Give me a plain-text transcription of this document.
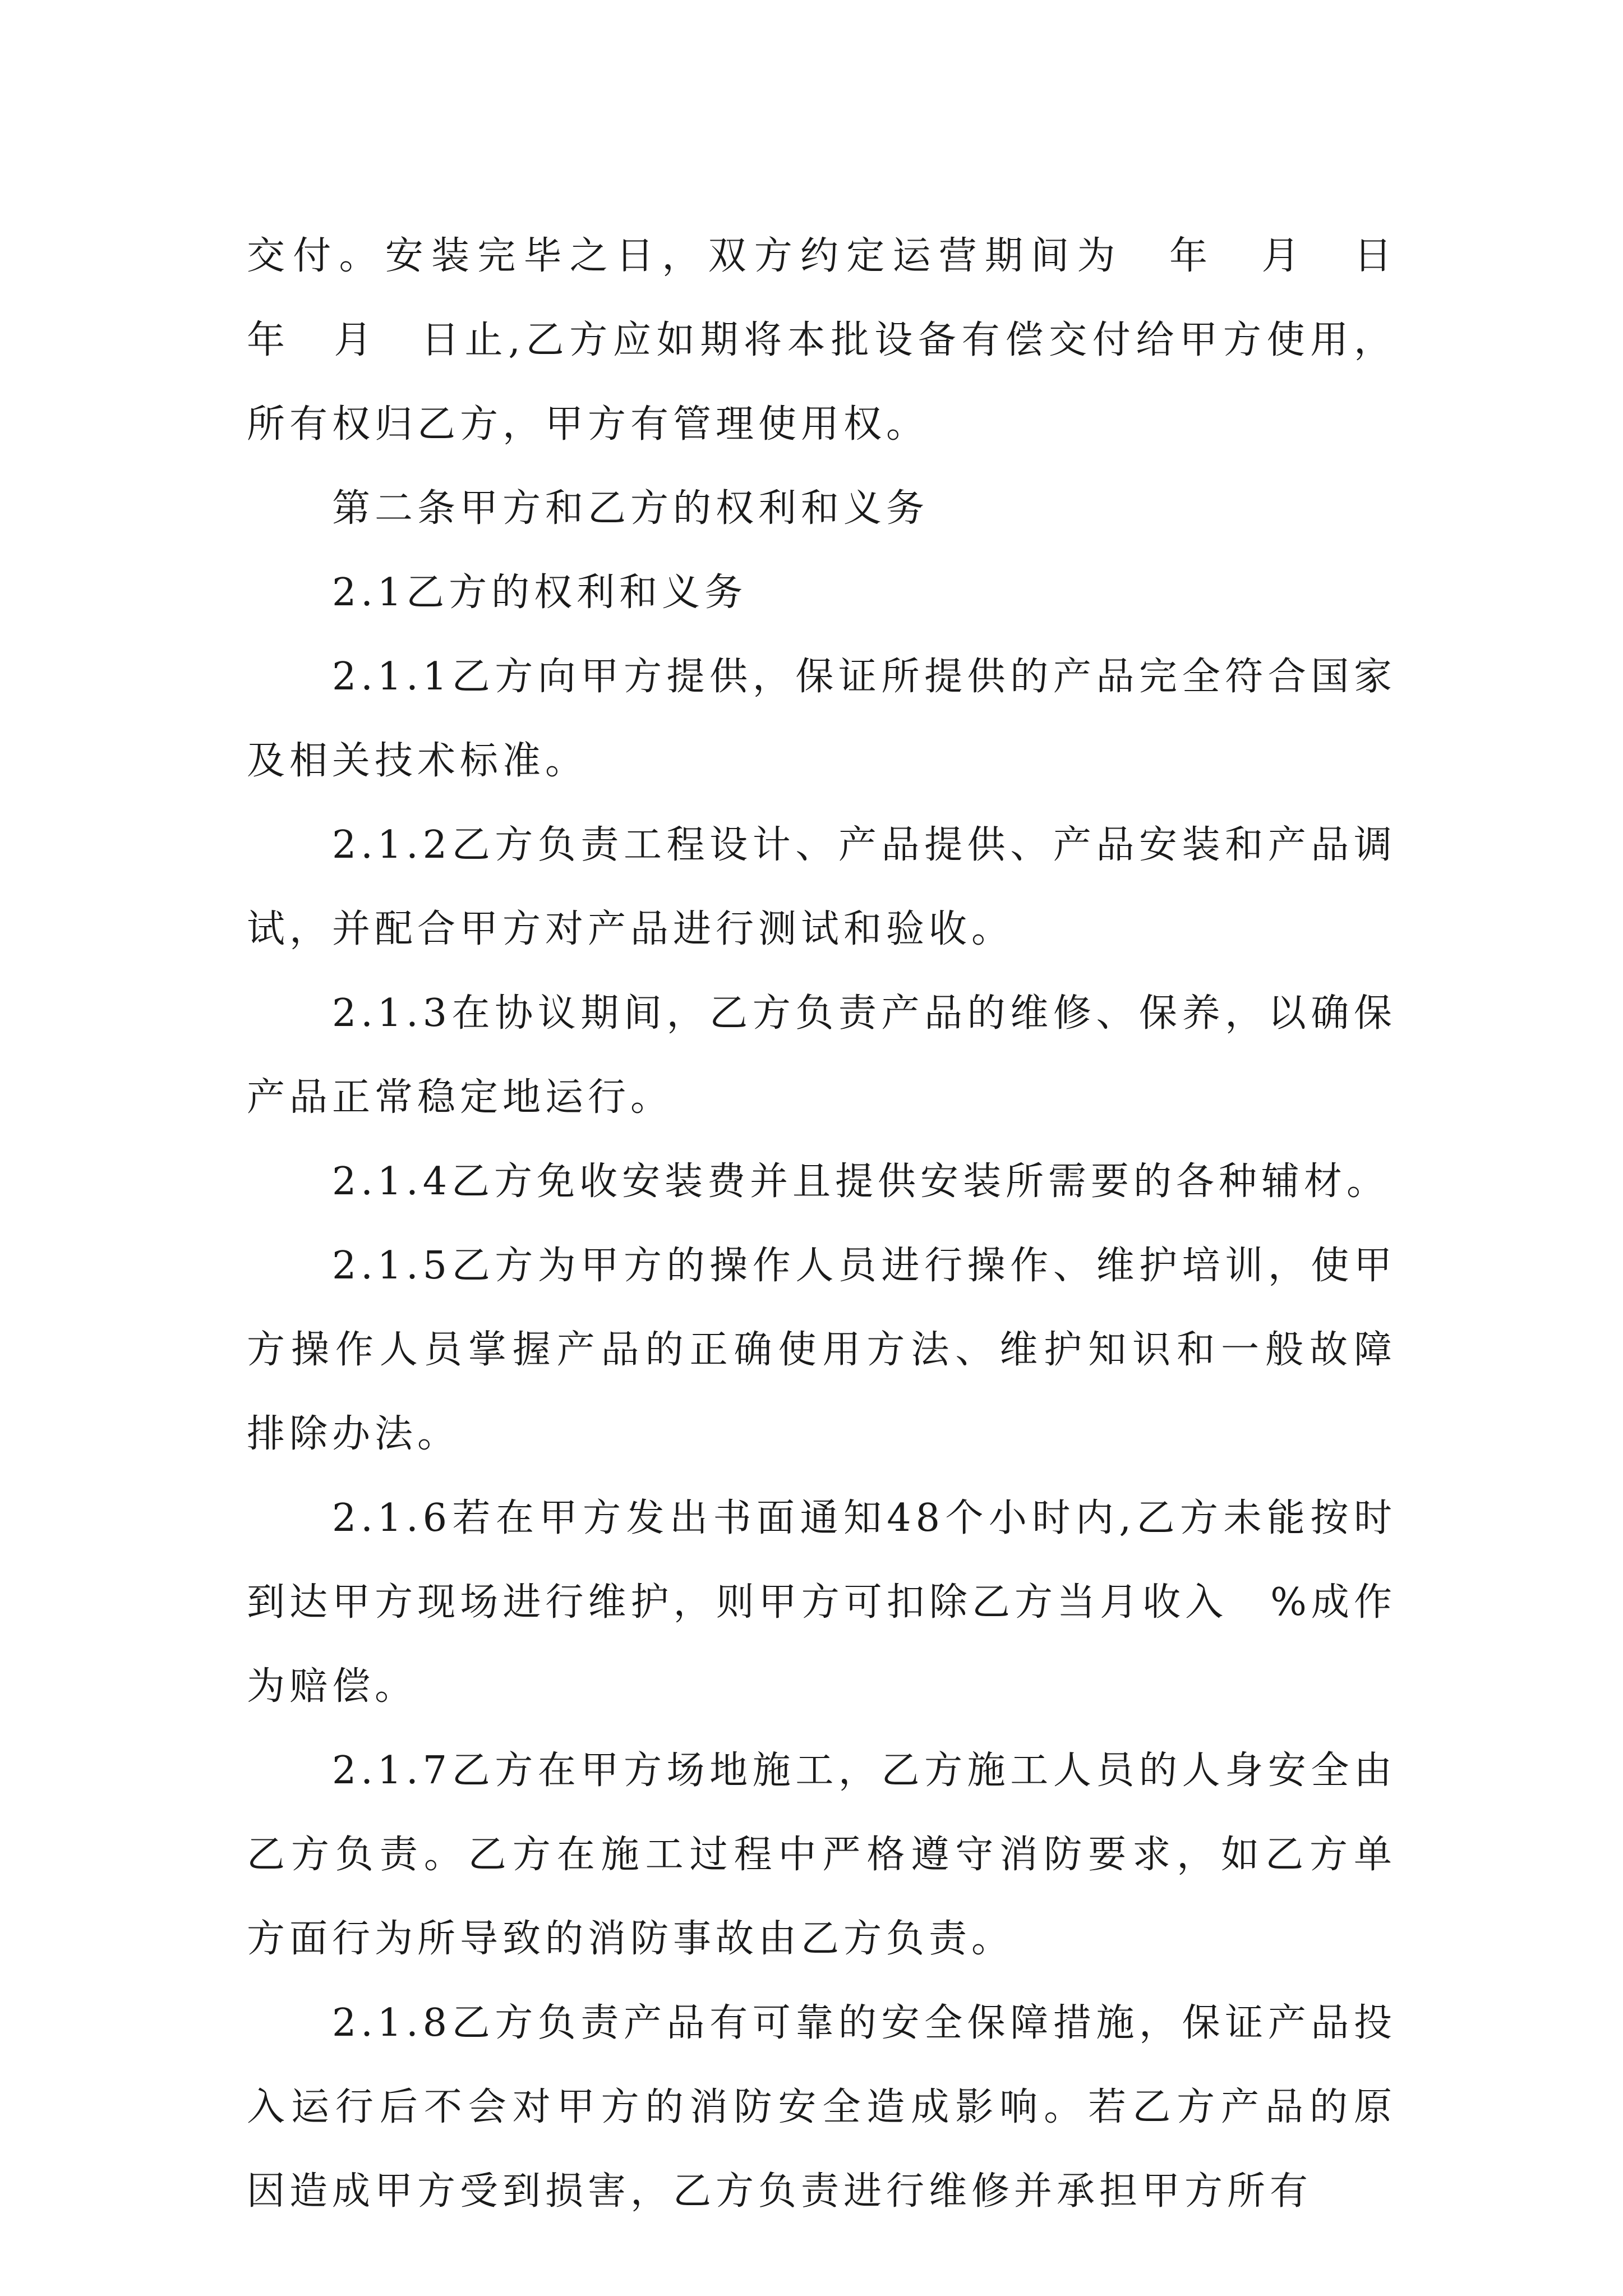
交付。安装完毕之日，双方约定运营期间为　年　月　日　　年　月　日止,乙方应如期将本批设备有偿交付给甲方使用，所有权归乙方，甲方有管理使用权。

第二条甲方和乙方的权利和义务

2.1乙方的权利和义务

2.1.1乙方向甲方提供，保证所提供的产品完全符合国家及相关技术标准。

2.1.2乙方负责工程设计、产品提供、产品安装和产品调试，并配合甲方对产品进行测试和验收。

2.1.3在协议期间，乙方负责产品的维修、保养，以确保产品正常稳定地运行。

2.1.4乙方免收安装费并且提供安装所需要的各种辅材。

2.1.5乙方为甲方的操作人员进行操作、维护培训，使甲方操作人员掌握产品的正确使用方法、维护知识和一般故障排除办法。

2.1.6若在甲方发出书面通知48个小时内,乙方未能按时到达甲方现场进行维护，则甲方可扣除乙方当月收入　%成作为赔偿。

2.1.7乙方在甲方场地施工，乙方施工人员的人身安全由乙方负责。乙方在施工过程中严格遵守消防要求，如乙方单方面行为所导致的消防事故由乙方负责。

2.1.8乙方负责产品有可靠的安全保障措施，保证产品投入运行后不会对甲方的消防安全造成影响。若乙方产品的原因造成甲方受到损害，乙方负责进行维修并承担甲方所有
